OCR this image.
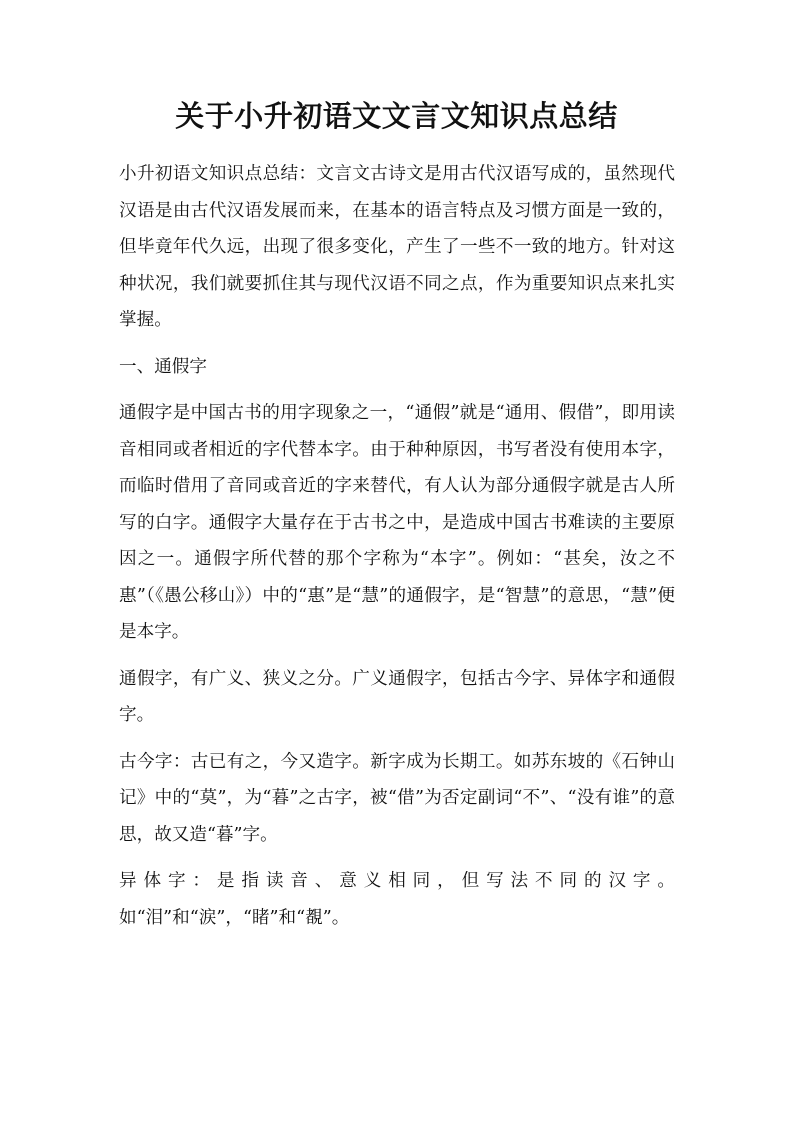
关于小升初语文文言文知识点总结

小升初语文知识点总结：文言文古诗文是用古代汉语写成的，虽然现代汉语是由古代汉语发展而来，在基本的语言特点及习惯方面是一致的，但毕竟年代久远，出现了很多变化，产生了一些不一致的地方。针对这种状况，我们就要抓住其与现代汉语不同之点，作为重要知识点来扎实掌握。

一、通假字

通假字是中国古书的用字现象之一，“通假”就是“通用、假借”，即用读音相同或者相近的字代替本字。由于种种原因，书写者没有使用本字，而临时借用了音同或音近的字来替代，有人认为部分通假字就是古人所写的白字。通假字大量存在于古书之中，是造成中国古书难读的主要原因之一。通假字所代替的那个字称为“本字”。例如：“甚矣，汝之不惠”（《愚公移山》）中的“惠”是“慧”的通假字，是“智慧”的意思，“慧”便是本字。

通假字，有广义、狭义之分。广义通假字，包括古今字、异体字和通假字。

古今字：古已有之，今又造字。新字成为长期工。如苏东坡的《石钟山记》中的“莫”，为“暮”之古字，被“借”为否定副词“不”、“没有谁”的意思，故又造“暮”字。

异体字：是指读音、意义相同，但写法不同的汉字。如“泪”和“涙”，“睹”和“覩”。
